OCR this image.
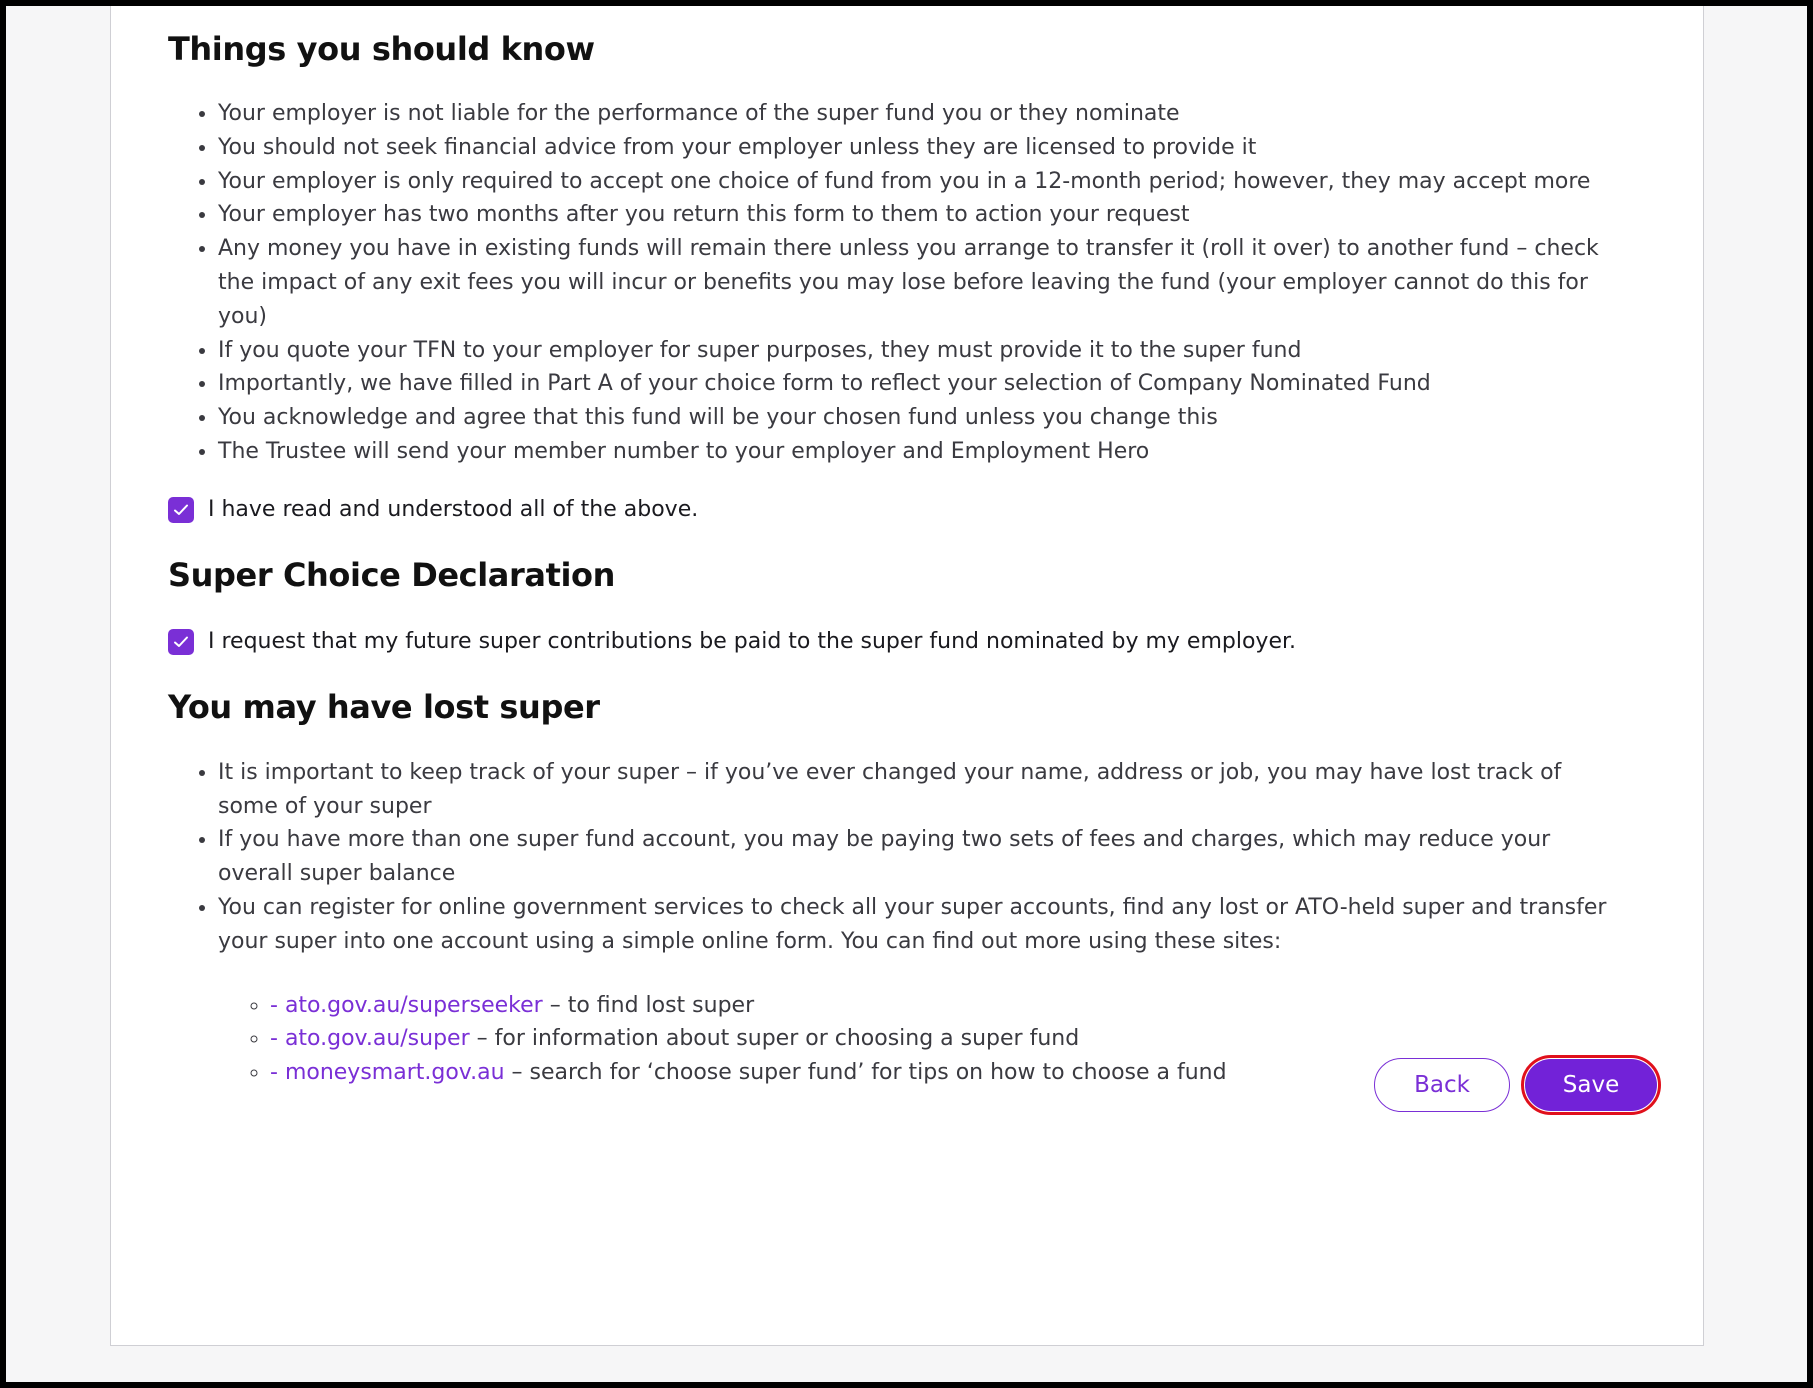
Things you should know
• Your employer is not liable for the performance of the super fund you or they nominate
• You should not seek financial advice from your employer unless they are licensed to provide it
• Your employer is only required to accept one choice of fund from you in a 12-month period; however, they may accept more
• Your employer has two months after you return this form to them to action your request
• Any money you have in existing funds will remain there unless you arrange to transfer it (roll it over) to another fund – check the impact of any exit fees you will incur or benefits you may lose before leaving the fund (your employer cannot do this for you)
• If you quote your TFN to your employer for super purposes, they must provide it to the super fund
• Importantly, we have filled in Part A of your choice form to reflect your selection of Company Nominated Fund
• You acknowledge and agree that this fund will be your chosen fund unless you change this
• The Trustee will send your member number to your employer and Employment Hero
I have read and understood all of the above.
Super Choice Declaration
I request that my future super contributions be paid to the super fund nominated by my employer.
You may have lost super
• It is important to keep track of your super – if you’ve ever changed your name, address or job, you may have lost track of some of your super
• If you have more than one super fund account, you may be paying two sets of fees and charges, which may reduce your overall super balance
• You can register for online government services to check all your super accounts, find any lost or ATO-held super and transfer your super into one account using a simple online form. You can find out more using these sites:
◦ - ato.gov.au/superseeker – to find lost super
◦ - ato.gov.au/super – for information about super or choosing a super fund
◦ - moneysmart.gov.au – search for ‘choose super fund’ for tips on how to choose a fund	Back	Save
